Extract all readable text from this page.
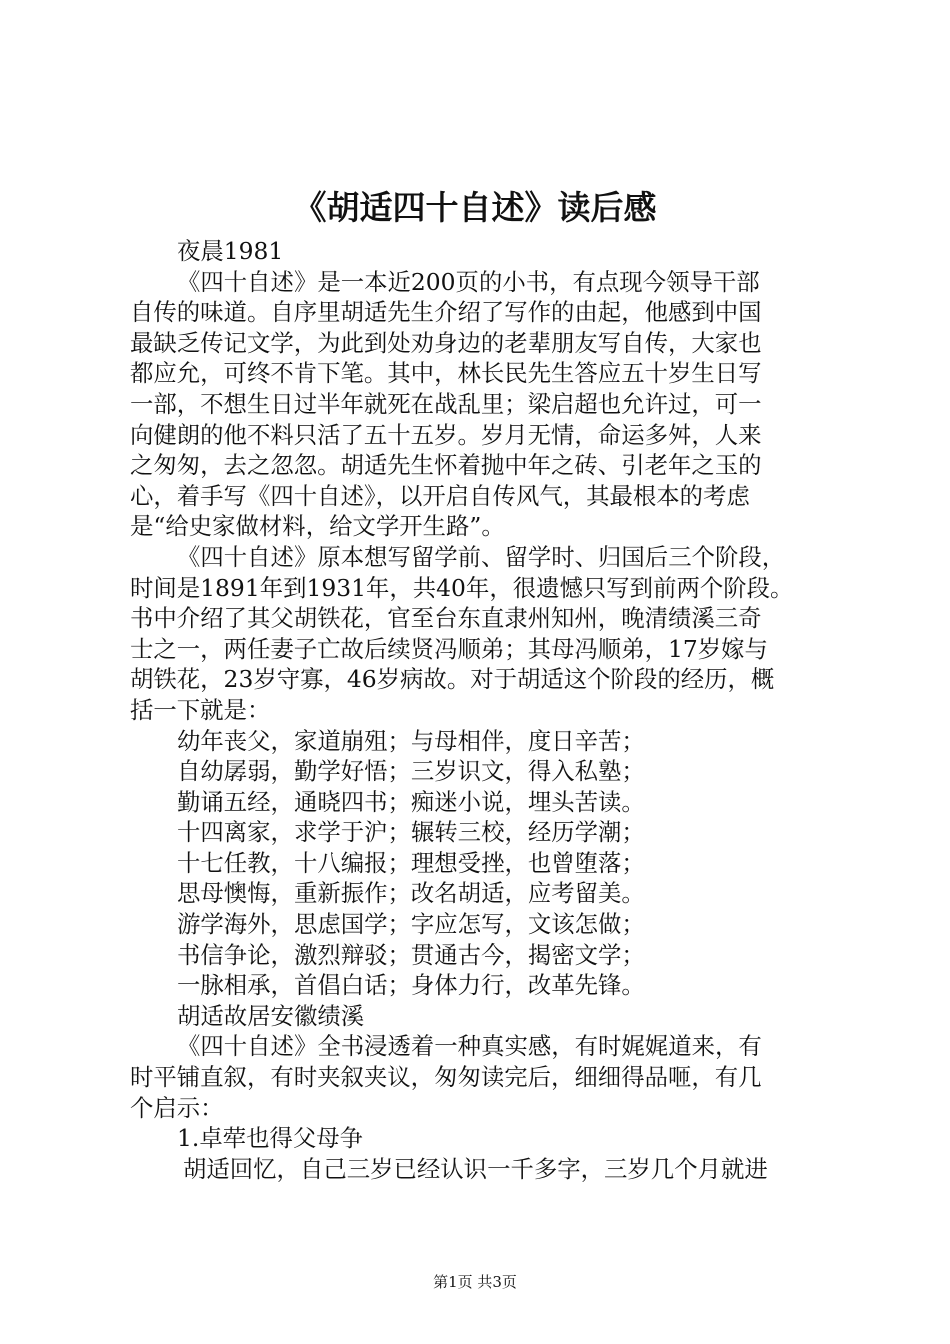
《胡适四十自述》读后感
夜晨1981
《四十自述》是一本近200页的小书，有点现今领导干部
自传的味道。自序里胡适先生介绍了写作的由起，他感到中国
最缺乏传记文学，为此到处劝身边的老辈朋友写自传，大家也
都应允，可终不肯下笔。其中，林长民先生答应五十岁生日写
一部，不想生日过半年就死在战乱里；梁启超也允许过，可一
向健朗的他不料只活了五十五岁。岁月无情，命运多舛，人来
之匆匆，去之忽忽。胡适先生怀着抛中年之砖、引老年之玉的
心，着手写《四十自述》，以开启自传风气，其最根本的考虑
是“给史家做材料，给文学开生路”。
《四十自述》原本想写留学前、留学时、归国后三个阶段，
时间是1891年到1931年，共40年，很遗憾只写到前两个阶段。
书中介绍了其父胡铁花，官至台东直隶州知州，晚清绩溪三奇
士之一，两任妻子亡故后续贤冯顺弟；其母冯顺弟，17岁嫁与
胡铁花，23岁守寡，46岁病故。对于胡适这个阶段的经历，概
括一下就是：
幼年丧父，家道崩殂；与母相伴，度日辛苦；
自幼孱弱，勤学好悟；三岁识文，得入私塾；
勤诵五经，通晓四书；痴迷小说，埋头苦读。
十四离家，求学于沪；辗转三校，经历学潮；
十七任教，十八编报；理想受挫，也曾堕落；
思母懊悔，重新振作；改名胡适，应考留美。
游学海外，思虑国学；字应怎写，文该怎做；
书信争论，激烈辩驳；贯通古今，揭密文学；
一脉相承，首倡白话；身体力行，改革先锋。
胡适故居安徽绩溪
《四十自述》全书浸透着一种真实感，有时娓娓道来，有
时平铺直叙，有时夹叙夹议，匆匆读完后，细细得品咂，有几
个启示：
1.卓荦也得父母争
胡适回忆，自己三岁已经认识一千多字，三岁几个月就进
第1页 共3页
